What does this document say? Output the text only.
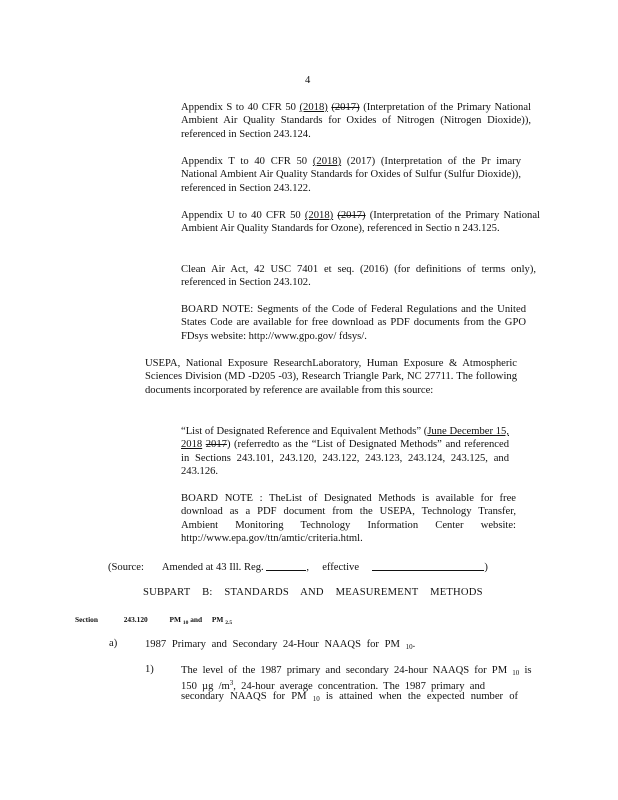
4
Appendix S to 40 CFR 50 (2018) (2017) (Interpretation of the Primary National Ambient Air Quality Standards for Oxides of Nitrogen (Nitrogen Dioxide)), referenced in Section 243.124.
Appendix T to 40 CFR 50 (2018) (2017) (Interpretation of the Pr imary National Ambient Air Quality Standards for Oxides of Sulfur (Sulfur Dioxide)), referenced in Section 243.122.
Appendix U to 40 CFR 50 (2018) (2017) (Interpretation of the Primary National Ambient Air Quality Standards for Ozone), referenced in Sectio n 243.125.
Clean Air Act, 42 USC 7401 et seq. (2016) (for definitions of terms only), referenced in Section 243.102.
BOARD NOTE: Segments of the Code of Federal Regulations and the United States Code are available for free download as PDF documents from the GPO FDsys website: http://www.gpo.gov/ fdsys/.
USEPA, National Exposure ResearchLaboratory, Human Exposure & Atmospheric Sciences Division (MD -D205 -03), Research Triangle Park, NC 27711. The following documents incorporated by reference are available from this source:
“List of Designated Reference and Equivalent Methods” (June December 15, 2018 2017) (referredto as the “List of Designated Methods” and referenced in Sections 243.101, 243.120, 243.122, 243.123, 243.124, 243.125, and 243.126.
BOARD NOTE : TheList of Designated Methods is available for free download as a PDF document from the USEPA, Technology Transfer, Ambient Monitoring Technology Information Center website: http://www.epa.gov/ttn/amtic/criteria.html.
(Source: Amended at 43 Ill. Reg.	,     effective	)
SUBPART B: STANDARDS AND MEASUREMENT METHODS
Section	243.120	PM $_{10}$ and PM $_{2.5}$
a)	1987 Primary and Secondary 24-Hour NAAQS for PM $_{10}$.
1)	The level of the 1987 primary and secondary 24-hour NAAQS for PM $_{10}$ is
150 µg $/m^3$, 24-hour average concentration. The 1987 primary and
secondary NAAQS for PM $_{10}$ is attained when the expected number of
